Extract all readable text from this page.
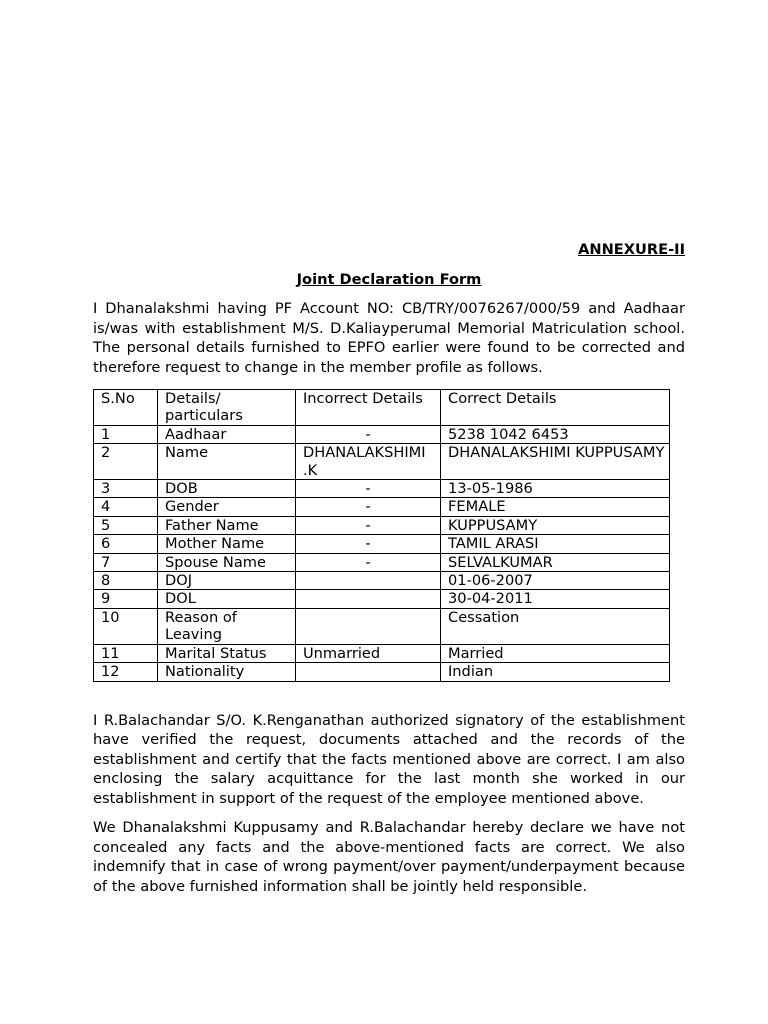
ANNEXURE-II

Joint Declaration Form

I Dhanalakshmi having PF Account NO: CB/TRY/0076267/000/59 and Aadhaar is/was with establishment M/S. D.Kaliayperumal Memorial Matriculation school. The personal details furnished to EPFO earlier were found to be corrected and therefore request to change in the member profile as follows.

S.No	Details/ particulars	Incorrect Details	Correct Details
1	Aadhaar	-	5238 1042 6453
2	Name	DHANALAKSHIMI .K	DHANALAKSHIMI KUPPUSAMY
3	DOB	-	13-05-1986
4	Gender	-	FEMALE
5	Father Name	-	KUPPUSAMY
6	Mother Name	-	TAMIL ARASI
7	Spouse Name	-	SELVALKUMAR
8	DOJ		01-06-2007
9	DOL		30-04-2011
10	Reason of Leaving		Cessation
11	Marital Status	Unmarried	Married
12	Nationality		Indian

I R.Balachandar S/O. K.Renganathan authorized signatory of the establishment have verified the request, documents attached and the records of the establishment and certify that the facts mentioned above are correct. I am also enclosing the salary acquittance for the last month she worked in our establishment in support of the request of the employee mentioned above.

We Dhanalakshmi Kuppusamy and R.Balachandar hereby declare we have not concealed any facts and the above-mentioned facts are correct. We also indemnify that in case of wrong payment/over payment/underpayment because of the above furnished information shall be jointly held responsible.
